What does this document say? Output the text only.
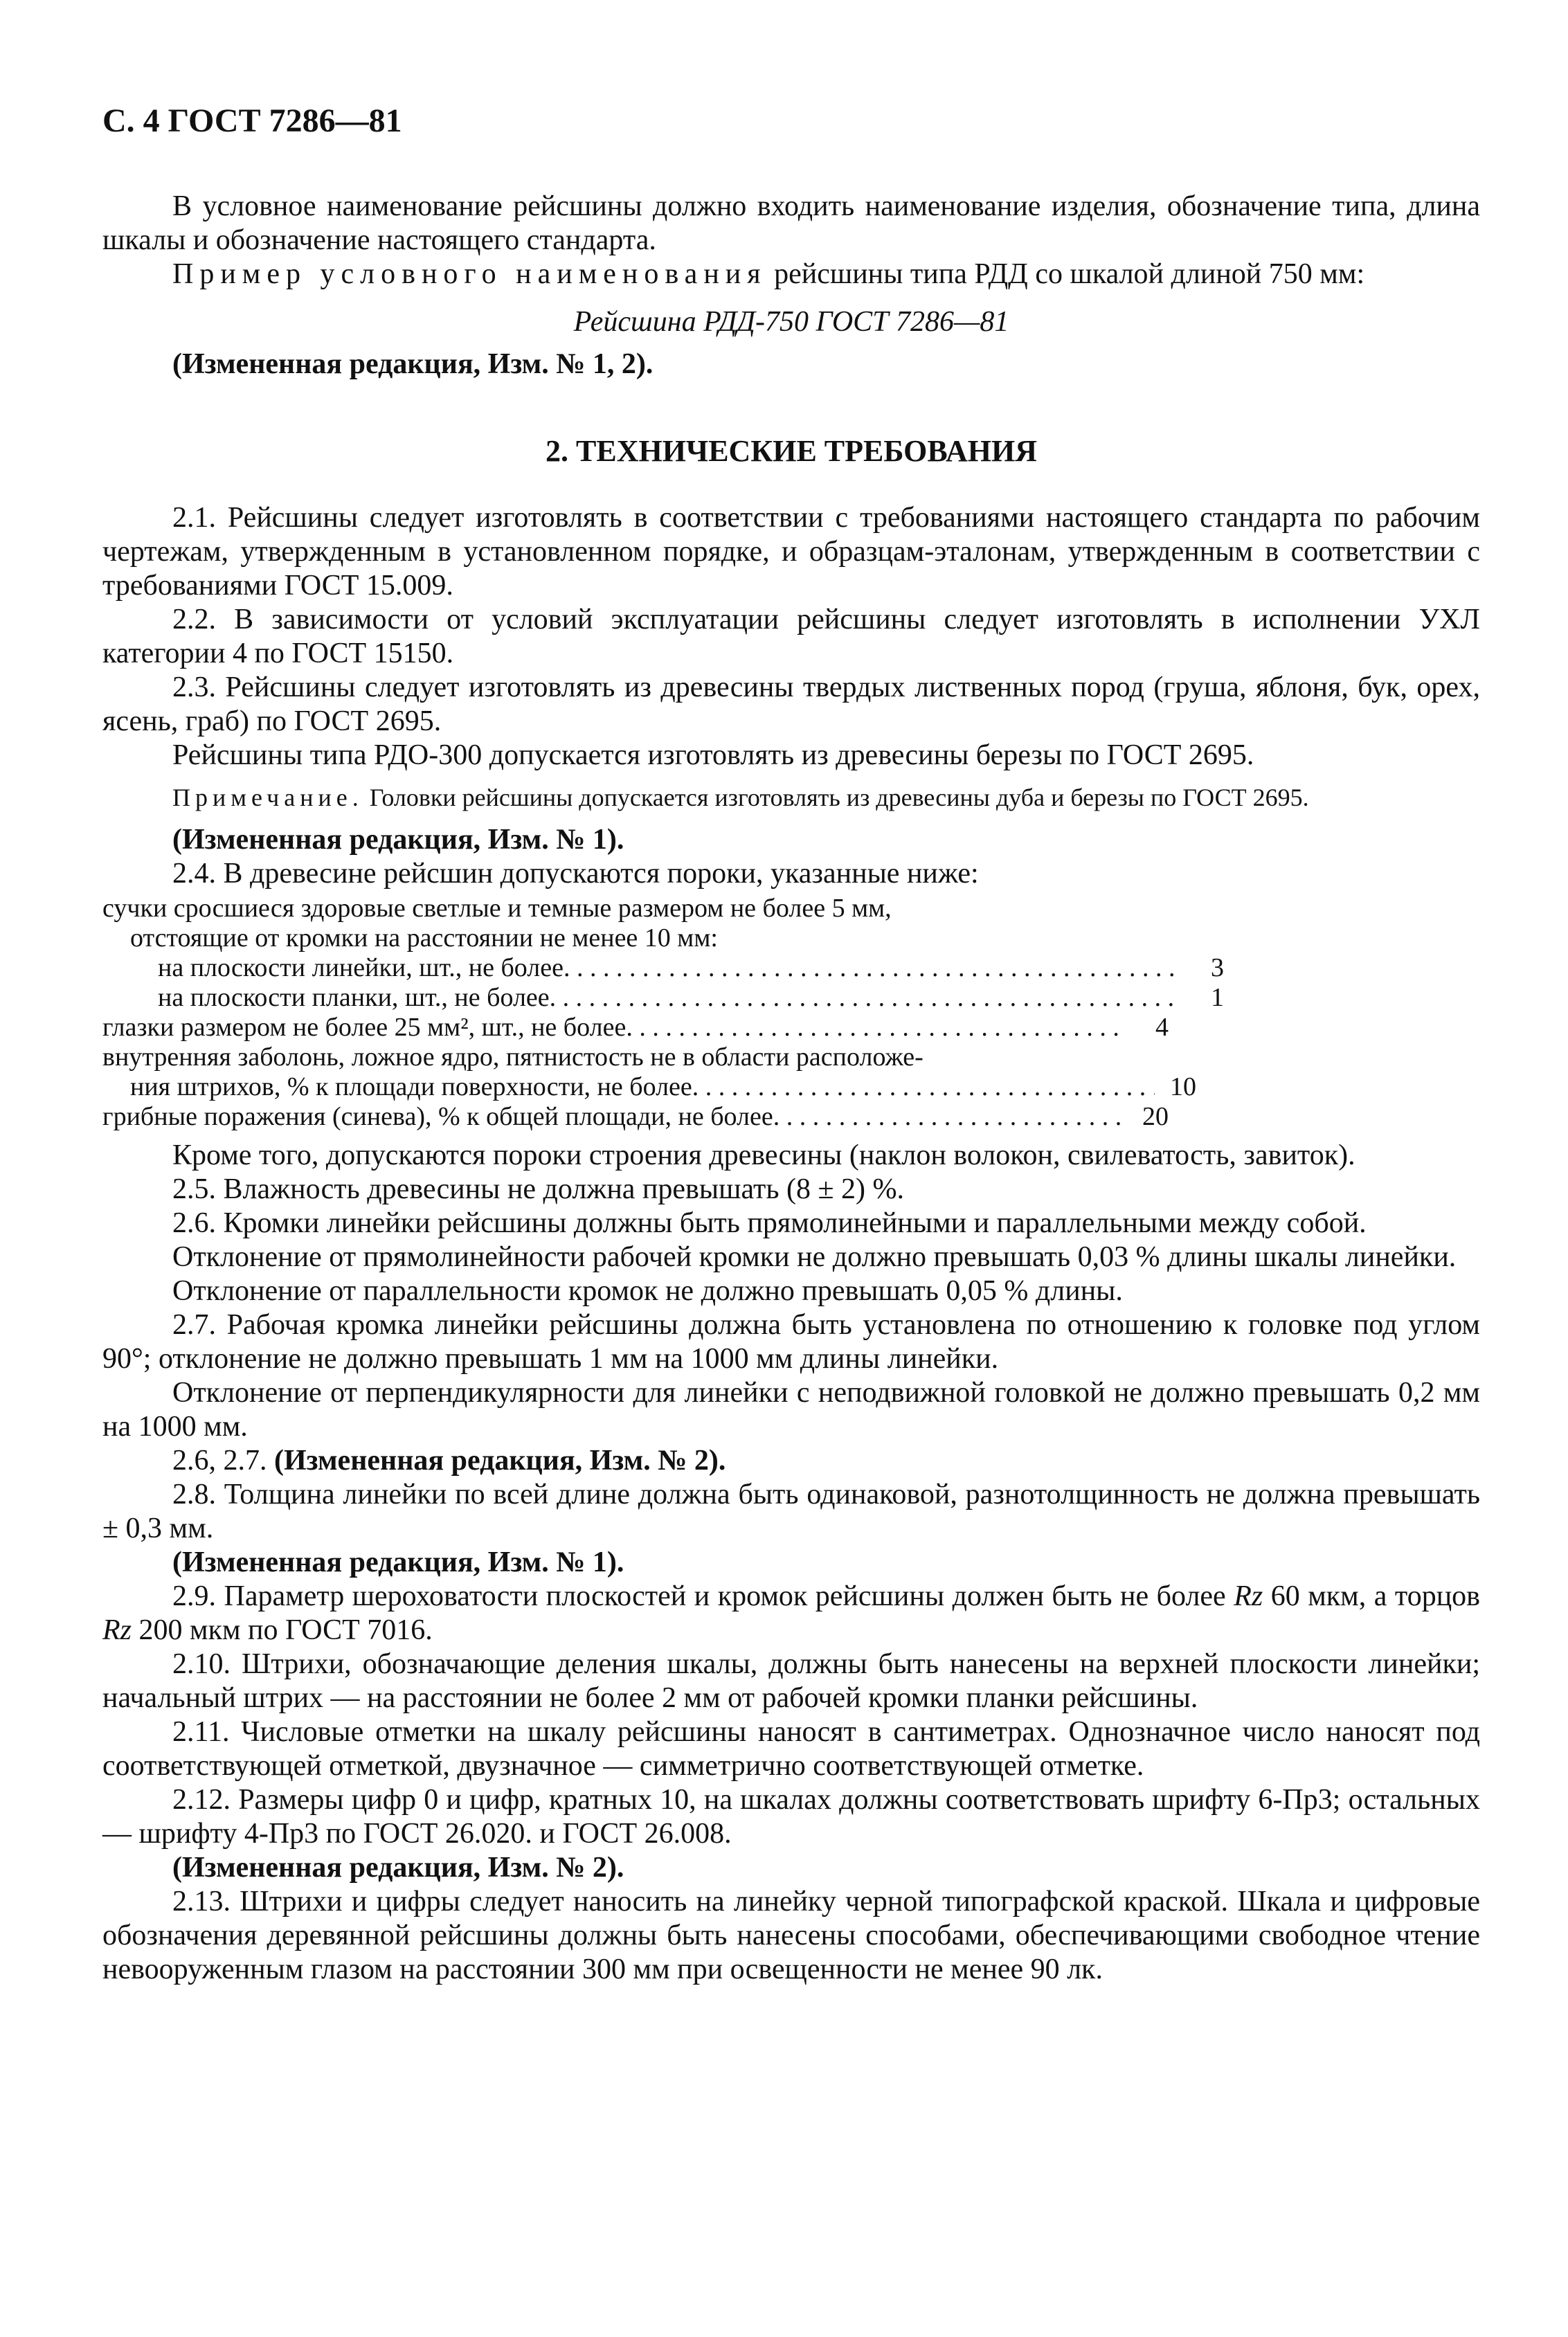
С. 4 ГОСТ 7286—81

В условное наименование рейсшины должно входить наименование изделия, обозначение типа, длина шкалы и обозначение настоящего стандарта.

Пример условного наименования рейсшины типа РДД со шкалой длиной 750 мм:

Рейсшина РДД-750 ГОСТ 7286—81

(Измененная редакция, Изм. № 1, 2).

2. ТЕХНИЧЕСКИЕ ТРЕБОВАНИЯ

2.1. Рейсшины следует изготовлять в соответствии с требованиями настоящего стандарта по рабочим чертежам, утвержденным в установленном порядке, и образцам-эталонам, утвержденным в соответствии с требованиями ГОСТ 15.009.

2.2. В зависимости от условий эксплуатации рейсшины следует изготовлять в исполнении УХЛ категории 4 по ГОСТ 15150.

2.3. Рейсшины следует изготовлять из древесины твердых лиственных пород (груша, яблоня, бук, орех, ясень, граб) по ГОСТ 2695.

Рейсшины типа РДО-300 допускается изготовлять из древесины березы по ГОСТ 2695.

Примечание. Головки рейсшины допускается изготовлять из древесины дуба и березы по ГОСТ 2695.

(Измененная редакция, Изм. № 1).

2.4. В древесине рейсшин допускаются пороки, указанные ниже:

сучки сросшиеся здоровые светлые и темные размером не более 5 мм,
отстоящие от кромки на расстоянии не менее 10 мм:
на плоскости линейки, шт., не более . . .	3
на плоскости планки, шт., не более . . .	1
глазки размером не более 25 мм², шт., не более . . .	4
внутренняя заболонь, ложное ядро, пятнистость не в области расположе-
ния штрихов, % к площади поверхности, не более . . .	10
грибные поражения (синева), % к общей площади, не более . . .	20

Кроме того, допускаются пороки строения древесины (наклон волокон, свилеватость, завиток).

2.5. Влажность древесины не должна превышать (8 ± 2) %.

2.6. Кромки линейки рейсшины должны быть прямолинейными и параллельными между собой.

Отклонение от прямолинейности рабочей кромки не должно превышать 0,03 % длины шкалы линейки.

Отклонение от параллельности кромок не должно превышать 0,05 % длины.

2.7. Рабочая кромка линейки рейсшины должна быть установлена по отношению к головке под углом 90°; отклонение не должно превышать 1 мм на 1000 мм длины линейки.

Отклонение от перпендикулярности для линейки с неподвижной головкой не должно превышать 0,2 мм на 1000 мм.

2.6, 2.7. (Измененная редакция, Изм. № 2).

2.8. Толщина линейки по всей длине должна быть одинаковой, разнотолщинность не должна превышать ± 0,3 мм.

(Измененная редакция, Изм. № 1).

2.9. Параметр шероховатости плоскостей и кромок рейсшины должен быть не более Rz 60 мкм, а торцов Rz 200 мкм по ГОСТ 7016.

2.10. Штрихи, обозначающие деления шкалы, должны быть нанесены на верхней плоскости линейки; начальный штрих — на расстоянии не более 2 мм от рабочей кромки планки рейсшины.

2.11. Числовые отметки на шкалу рейсшины наносят в сантиметрах. Однозначное число наносят под соответствующей отметкой, двузначное — симметрично соответствующей отметке.

2.12. Размеры цифр 0 и цифр, кратных 10, на шкалах должны соответствовать шрифту 6-Пр3; остальных — шрифту 4-Пр3 по ГОСТ 26.020. и ГОСТ 26.008.

(Измененная редакция, Изм. № 2).

2.13. Штрихи и цифры следует наносить на линейку черной типографской краской. Шкала и цифровые обозначения деревянной рейсшины должны быть нанесены способами, обеспечивающими свободное чтение невооруженным глазом на расстоянии 300 мм при освещенности не менее 90 лк.
